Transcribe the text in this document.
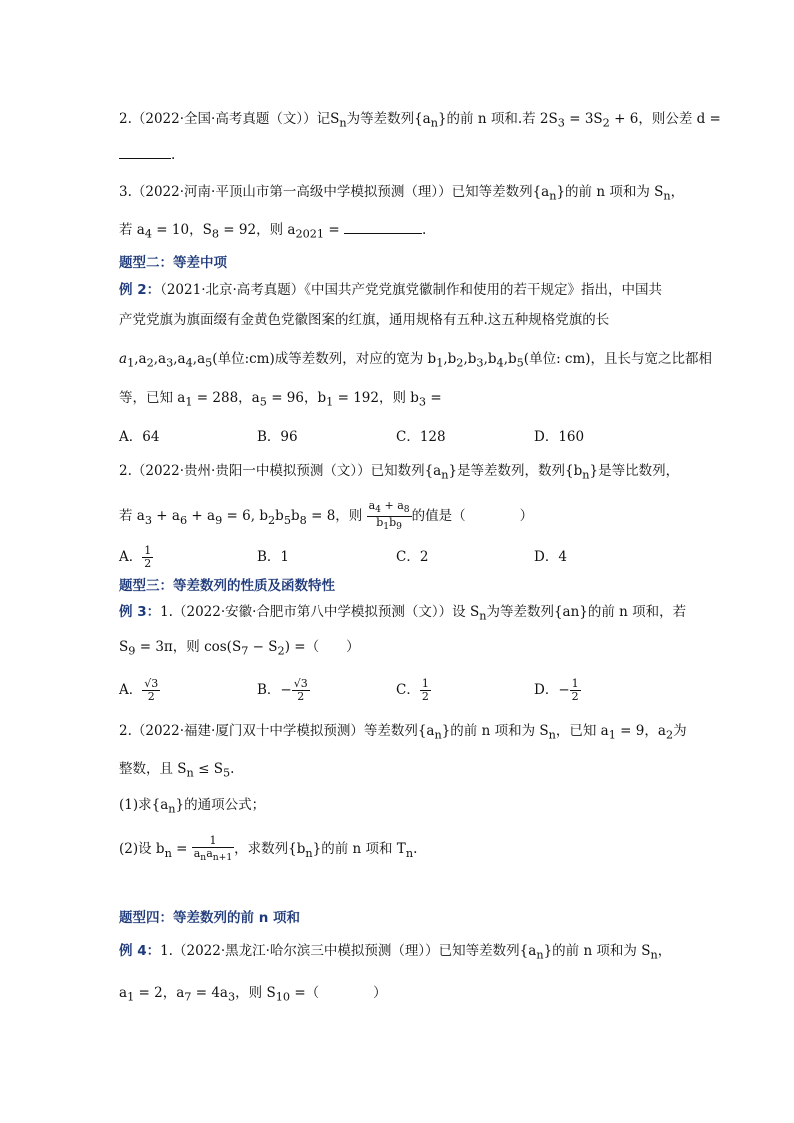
2.（2022·全国·高考真题（文））记$S_n$为等差数列$\{a_n\}$的前 n 项和.若 $2S_3 = 3S_2 + 6$，则公差 d =
.
3.（2022·河南·平顶山市第一高级中学模拟预测（理））已知等差数列$\{a_n\}$的前 n 项和为 $S_n$，
若 $a_4 = 10$，$S_8 = 92$，则 $a_{2021}$ =	.
题型二：等差中项
例 2：（2021·北京·高考真题）《中国共产党党旗党徽制作和使用的若干规定》指出，中国共
产党党旗为旗面缀有金黄色党徽图案的红旗，通用规格有五种.这五种规格党旗的长
$a_1,a_2,a_3,a_4,a_5$(单位:cm)成等差数列，对应的宽为 $b_1,b_2,b_3,b_4,b_5$(单位: cm)，且长与宽之比都相
等，已知 $a_1 = 288$，$a_5 = 96$，$b_1 = 192$，则 $b_3$ =
A．64	B．96	C．128	D．160
2.（2022·贵州·贵阳一中模拟预测（文））已知数列$\{a_n\}$是等差数列，数列$\{b_n\}$是等比数列，
若 $a_3 + a_6 + a_9 = 6$, $b_2b_5b_8 = 8$，则 $\frac{a_4 + a_8}{b_1b_9}$ 的值是（　　　　）
A． $\frac{1}{2}$	B．1	C．2	D．4
题型三：等差数列的性质及函数特性
例 3：1.（2022·安徽·合肥市第八中学模拟预测（文））设 $S_n$为等差数列{an}的前 n 项和，若
$S_9 = 3\pi$，则 $\cos(S_7 - S_2)$ =（　　）
A． $\frac{√3}{2}$	B．− $\frac{√3}{2}$	C． $\frac{1}{2}$	D．− $\frac{1}{2}$
2.（2022·福建·厦门双十中学模拟预测）等差数列$\{a_n\}$的前 n 项和为 $S_n$，已知 $a_1 = 9$，$a_2$为
整数，且 $S_n \le S_5$.
(1)求$\{a_n\}$的通项公式；
(2)设 $b_n = \frac{1}{a_na_{n+1}}$ ，求数列$\{b_n\}$的前 n 项和 $T_n$.
题型四：等差数列的前 n 项和
例 4：1.（2022·黑龙江·哈尔滨三中模拟预测（理））已知等差数列$\{a_n\}$的前 n 项和为 $S_n$，
$a_1 = 2$，$a_7 = 4a_3$，则 $S_{10}$ =（　　　　）
